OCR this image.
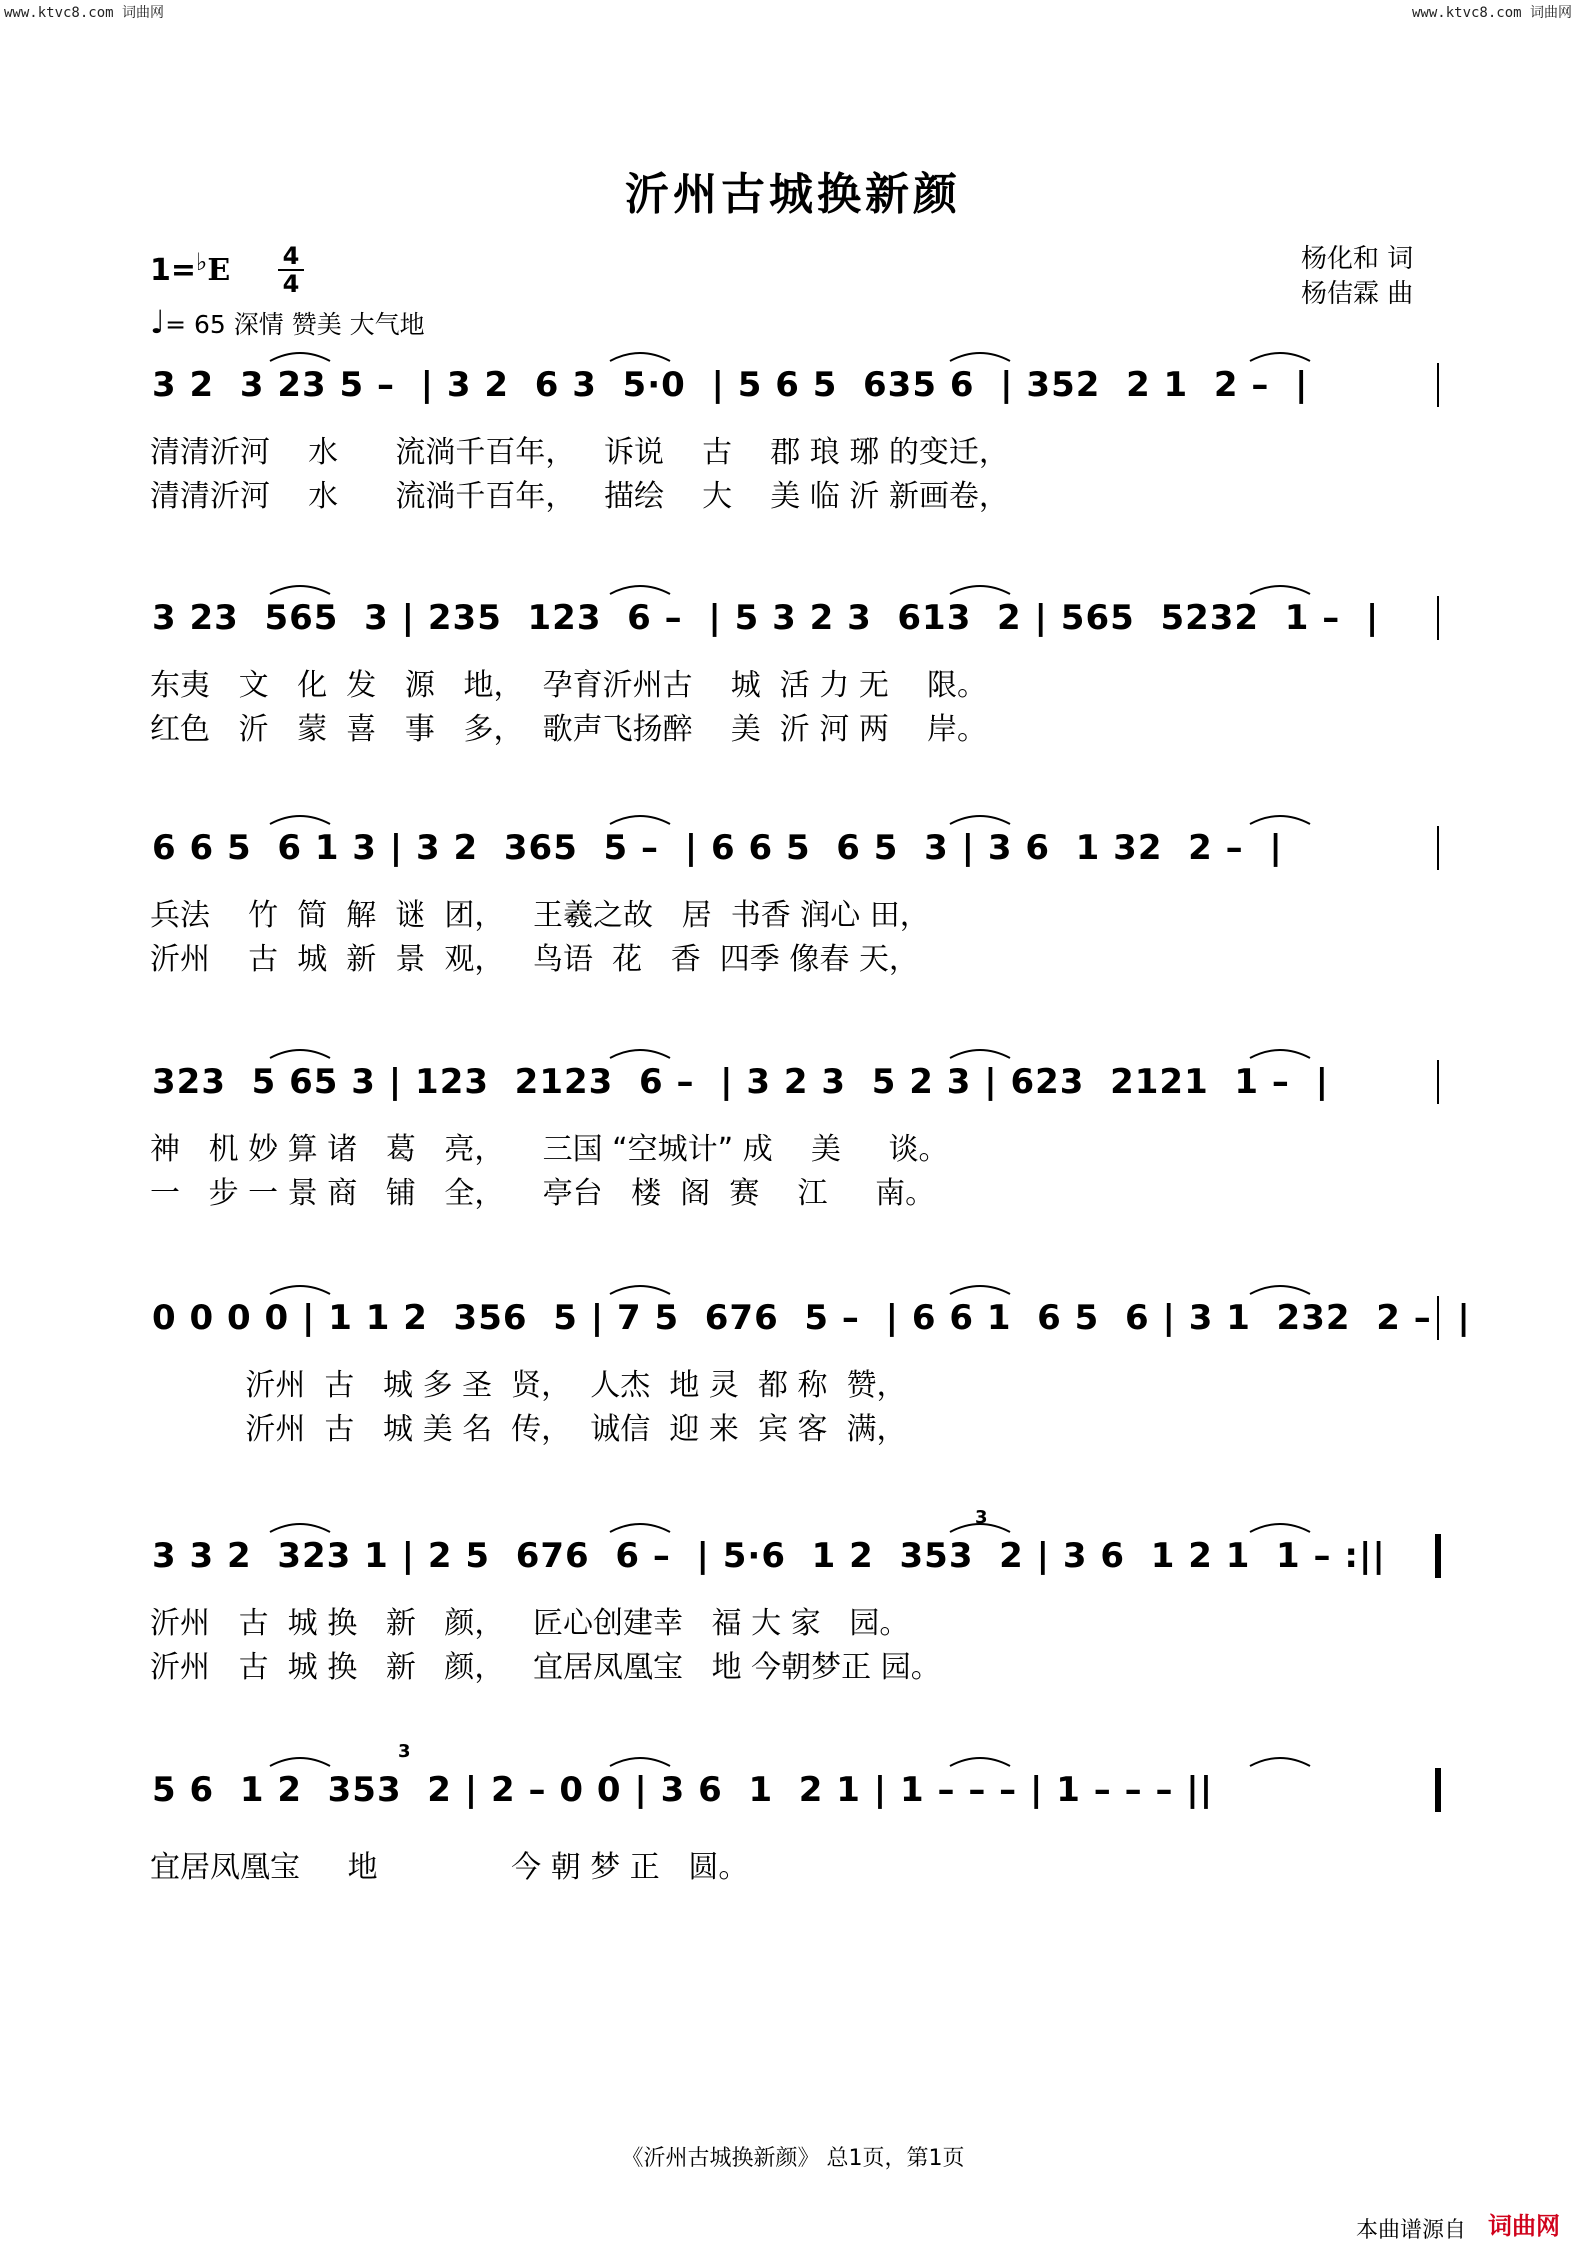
www.ktvc8.com 词曲网	www.ktvc8.com 词曲网
沂州古城换新颜
1=♭E 4
4
♩= 65 深情 赞美 大气地
杨化和 词
杨佶霖 曲
3 2  3 23 5 –  | 3 2  6 3  5·0  | 5 6 5  635 6  | 352  2 1  2 –  |
清清沂河    水      流淌千百年，   诉说    古    郡 琅 琊 的变迁，
清清沂河    水      流淌千百年，   描绘    大    美 临 沂 新画卷，
3 23  565  3 | 235  123  6 –  | 5 3 2 3  613  2 | 565  5232  1 –  |
东夷   文   化  发   源   地，  孕育沂州古    城  活 力 无    限。
红色   沂   蒙  喜   事   多，  歌声飞扬醉    美  沂 河 两    岸。
6 6 5  6 1 3 | 3 2  365  5 –  | 6 6 5  6 5  3 | 3 6  1 32  2 –  |
兵法    竹  简  解  谜  团，   王羲之故   居  书香 润心 田，
沂州    古  城  新  景  观，   鸟语  花   香  四季 像春 天，
323  5 65 3 | 123  2123  6 –  | 3 2 3  5 2 3 | 623  2121  1 –  |
神   机 妙 算 诸   葛   亮，    三国 “空城计” 成    美     谈。
一   步 一 景 商   铺   全，    亭台   楼  阁  赛    江     南。
0 0 0 0 | 1 1 2  356  5 | 7 5  676  5 –  | 6 6 1  6 5  6 | 3 1  232  2 –  |
沂州  古   城 多 圣  贤，  人杰  地 灵  都 称  赞，
沂州  古   城 美 名  传，  诚信  迎 来  宾 客  满，
3 3 2  323 1 | 2 5  676  6 –  | 5·6  1 2  353  2 | 3 6  1 2 1  1 – :||
沂州   古  城 换   新   颜，   匠心创建幸   福 大 家   园。
沂州   古  城 换   新   颜，   宜居凤凰宝   地 今朝梦正 园。
5 6  1 2  353  2 | 2 – 0 0 | 3 6  1  2 1 | 1 – – – | 1 – – – ||
宜居凤凰宝     地              今 朝 梦 正   圆。
3
3
《沂州古城换新颜》 总1页，第1页
本曲谱源自 词曲网
